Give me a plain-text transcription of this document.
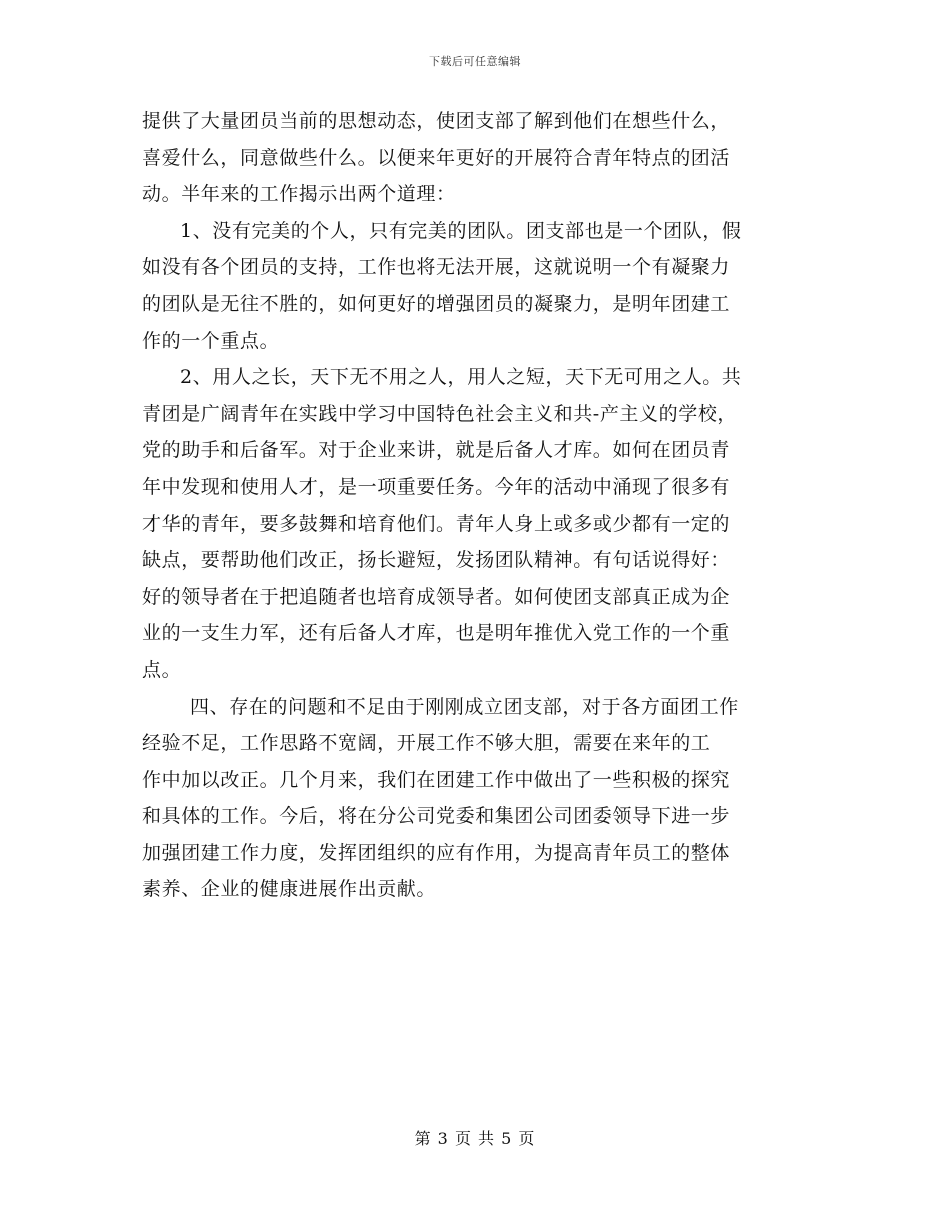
下载后可任意编辑
提供了大量团员当前的思想动态，使团支部了解到他们在想些什么，
喜爱什么，同意做些什么。以便来年更好的开展符合青年特点的团活
动。半年来的工作揭示出两个道理：
1、没有完美的个人，只有完美的团队。团支部也是一个团队，假
如没有各个团员的支持，工作也将无法开展，这就说明一个有凝聚力
的团队是无往不胜的，如何更好的增强团员的凝聚力，是明年团建工
作的一个重点。
2、用人之长，天下无不用之人，用人之短，天下无可用之人。共
青团是广阔青年在实践中学习中国特色社会主义和共-产主义的学校，
党的助手和后备军。对于企业来讲，就是后备人才库。如何在团员青
年中发现和使用人才，是一项重要任务。今年的活动中涌现了很多有
才华的青年，要多鼓舞和培育他们。青年人身上或多或少都有一定的
缺点，要帮助他们改正，扬长避短，发扬团队精神。有句话说得好：
好的领导者在于把追随者也培育成领导者。如何使团支部真正成为企
业的一支生力军，还有后备人才库，也是明年推优入党工作的一个重
点。
四、存在的问题和不足由于刚刚成立团支部，对于各方面团工作
经验不足，工作思路不宽阔，开展工作不够大胆，需要在来年的工
作中加以改正。几个月来，我们在团建工作中做出了一些积极的探究
和具体的工作。今后，将在分公司党委和集团公司团委领导下进一步
加强团建工作力度，发挥团组织的应有作用，为提高青年员工的整体
素养、企业的健康进展作出贡献。
第 3 页 共 5 页
